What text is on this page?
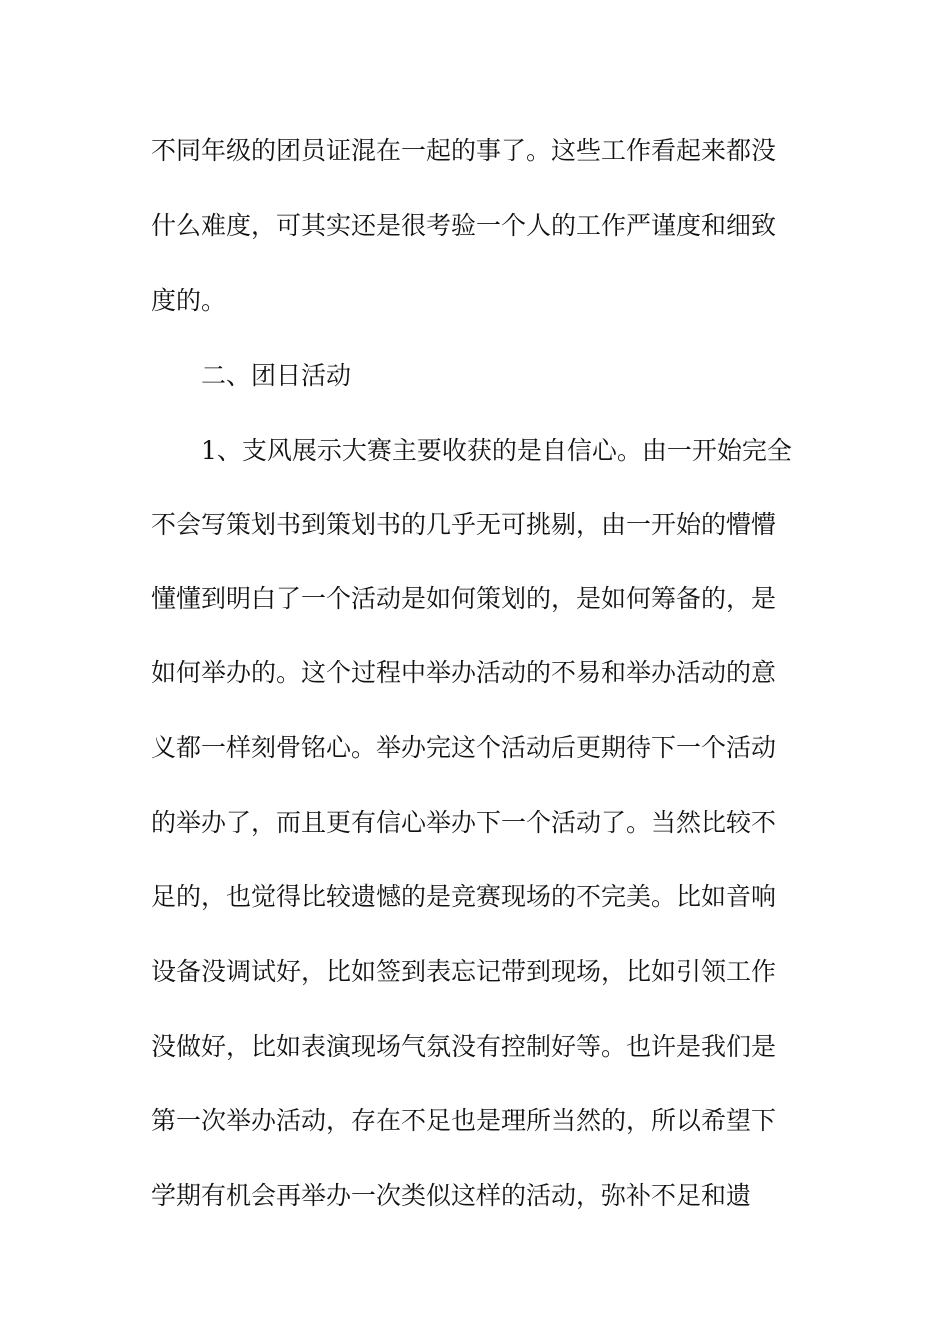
不同年级的团员证混在一起的事了。这些工作看起来都没
什么难度，可其实还是很考验一个人的工作严谨度和细致
度的。
二、团日活动
1、支风展示大赛主要收获的是自信心。由一开始完全
不会写策划书到策划书的几乎无可挑剔，由一开始的懵懵
懂懂到明白了一个活动是如何策划的，是如何筹备的，是
如何举办的。这个过程中举办活动的不易和举办活动的意
义都一样刻骨铭心。举办完这个活动后更期待下一个活动
的举办了，而且更有信心举办下一个活动了。当然比较不
足的，也觉得比较遗憾的是竞赛现场的不完美。比如音响
设备没调试好，比如签到表忘记带到现场，比如引领工作
没做好，比如表演现场气氛没有控制好等。也许是我们是
第一次举办活动，存在不足也是理所当然的，所以希望下
学期有机会再举办一次类似这样的活动，弥补不足和遗
